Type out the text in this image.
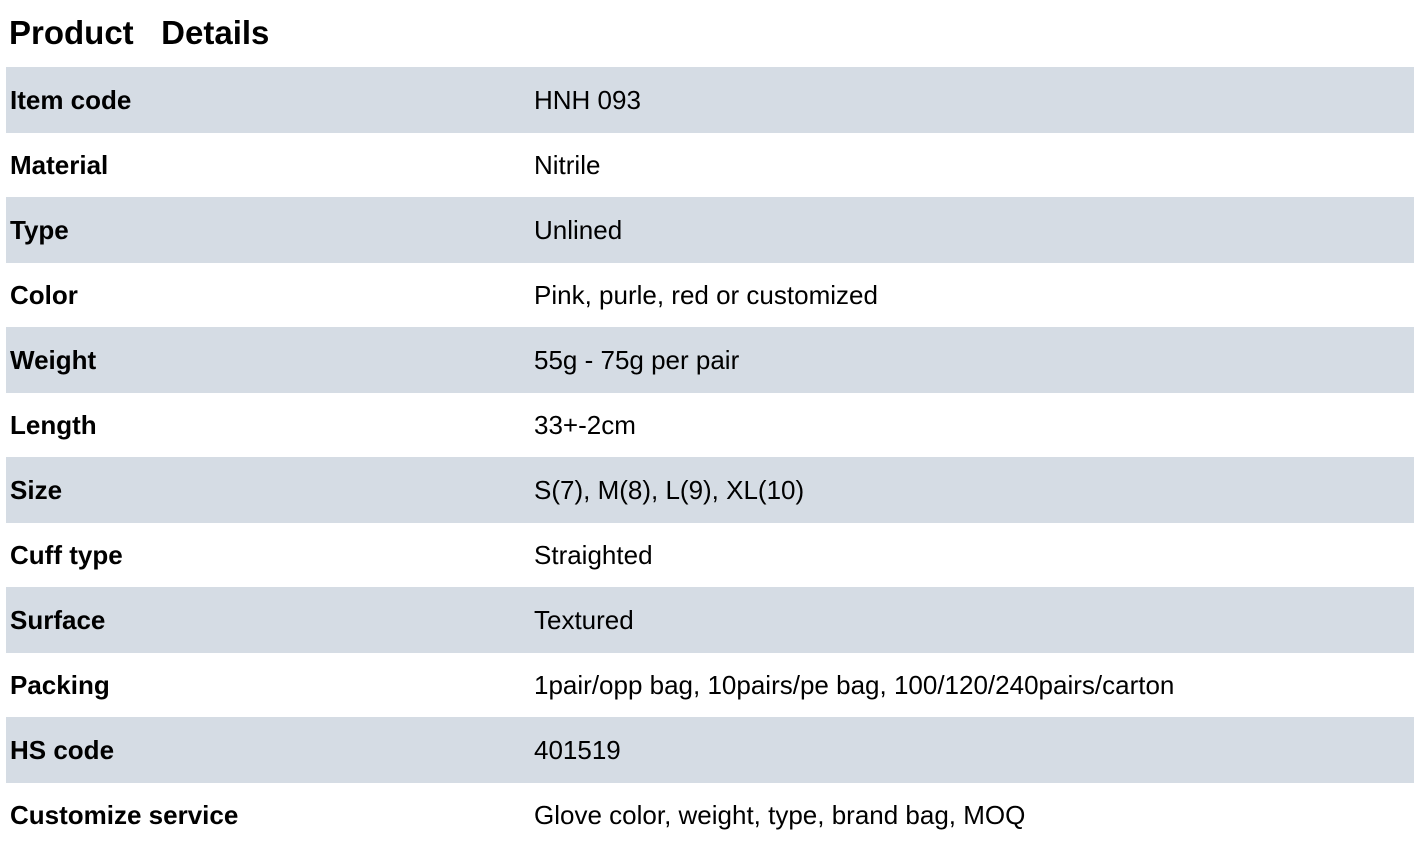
Product   Details
Item code	HNH 093
Material	Nitrile
Type	Unlined
Color	Pink, purle, red or customized
Weight	55g - 75g per pair
Length	33+-2cm
Size	S(7), M(8), L(9), XL(10)
Cuff type	Straighted
Surface	Textured
Packing	1pair/opp bag, 10pairs/pe bag, 100/120/240pairs/carton
HS code	401519
Customize service	Glove color, weight, type, brand bag, MOQ
